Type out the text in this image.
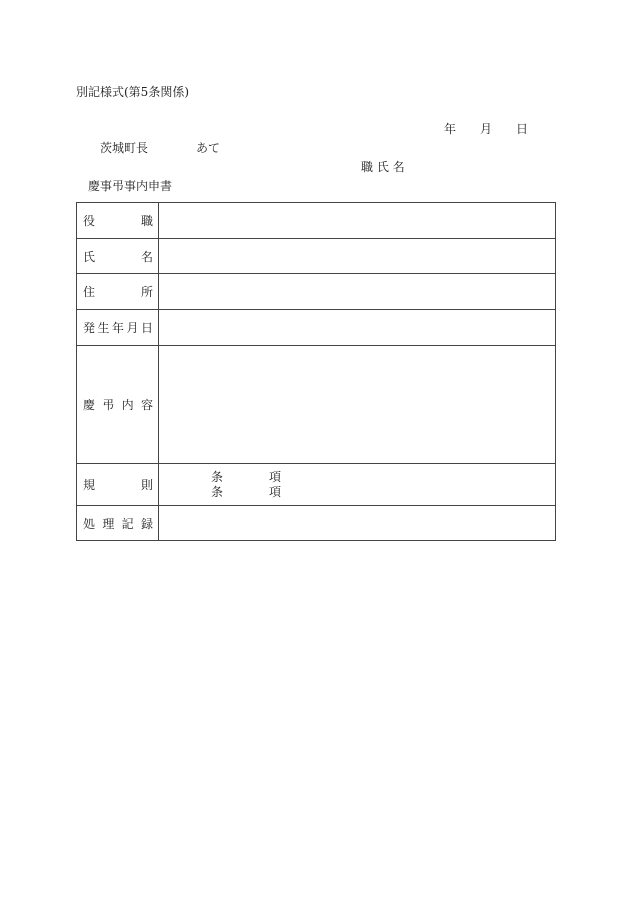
別記様式(第5条関係)
年 月 日
茨城町長	あて
職 氏 名
慶事弔事内申書
役職	

氏名	

住所	

発生年月日	

慶弔内容	

規則	条 項
条 項

処理記録	
